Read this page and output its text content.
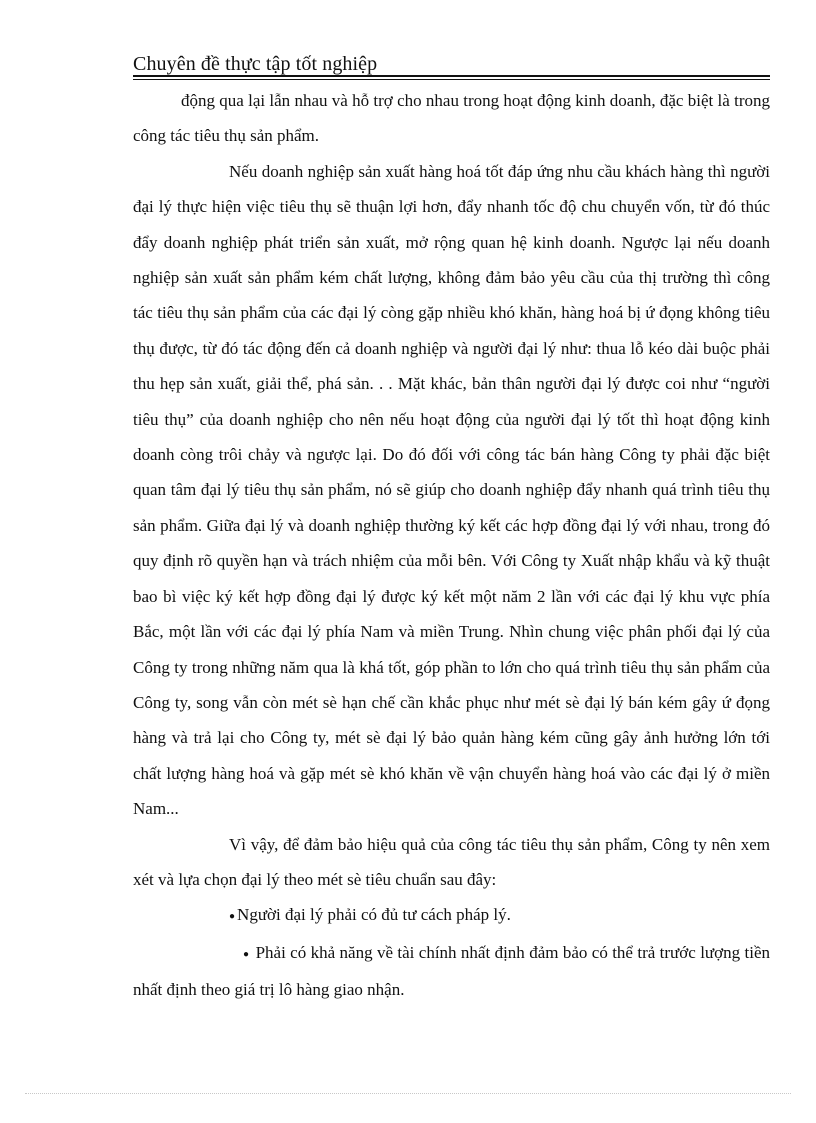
Chuyên đề thực tập tốt nghiệp

động qua lại lẫn nhau và hỗ trợ cho nhau trong hoạt động kinh doanh, đặc biệt là trong công tác tiêu thụ sản phẩm.

Nếu doanh nghiệp sản xuất hàng hoá tốt đáp ứng nhu cầu khách hàng thì người đại lý thực hiện việc tiêu thụ sẽ thuận lợi hơn, đẩy nhanh tốc độ chu chuyển vốn, từ đó thúc đẩy doanh nghiệp phát triển sản xuất, mở rộng quan hệ kinh doanh. Ngược lại nếu doanh nghiệp sản xuất sản phẩm kém chất lượng, không đảm bảo yêu cầu của thị trường thì công tác tiêu thụ sản phẩm của các đại lý còng gặp nhiều khó khăn, hàng hoá bị ứ đọng không tiêu thụ được, từ đó tác động đến cả doanh nghiệp và người đại lý như: thua lỗ kéo dài buộc phải thu hẹp sản xuất, giải thể, phá sản. . . Mặt khác, bản thân người đại lý được coi như “người tiêu thụ” của doanh nghiệp cho nên nếu hoạt động của người đại lý tốt thì hoạt động kinh doanh còng trôi chảy và ngược lại. Do đó đối với công tác bán hàng Công ty phải đặc biệt quan tâm đại lý tiêu thụ sản phẩm, nó sẽ giúp cho doanh nghiệp đẩy nhanh quá trình tiêu thụ sản phẩm. Giữa đại lý và doanh nghiệp thường ký kết các hợp đồng đại lý với nhau, trong đó quy định rõ quyền hạn và trách nhiệm của mỗi bên. Với Công ty Xuất nhập khẩu và kỹ thuật bao bì việc ký kết hợp đồng đại lý được ký kết một năm 2 lần với các đại lý khu vực phía Bắc, một lần với các đại lý phía Nam và miền Trung. Nhìn chung việc phân phối đại lý của Công ty trong những năm qua là khá tốt, góp phần to lớn cho quá trình tiêu thụ sản phẩm của Công ty, song vẫn còn mét sè hạn chế cần khắc phục như mét sè đại lý bán kém gây ứ đọng hàng và trả lại cho Công ty, mét sè đại lý bảo quản hàng kém cũng gây ảnh hưởng lớn tới chất lượng hàng hoá và gặp mét sè khó khăn về vận chuyển hàng hoá vào các đại lý ở miền Nam...

Vì vậy, để đảm bảo hiệu quả của công tác tiêu thụ sản phẩm, Công ty nên xem xét và lựa chọn đại lý theo mét sè tiêu chuẩn sau đây:

● Người đại lý phải có đủ tư cách pháp lý.

● Phải có khả năng về tài chính nhất định đảm bảo có thể trả trước lượng tiền nhất định theo giá trị lô hàng giao nhận.
